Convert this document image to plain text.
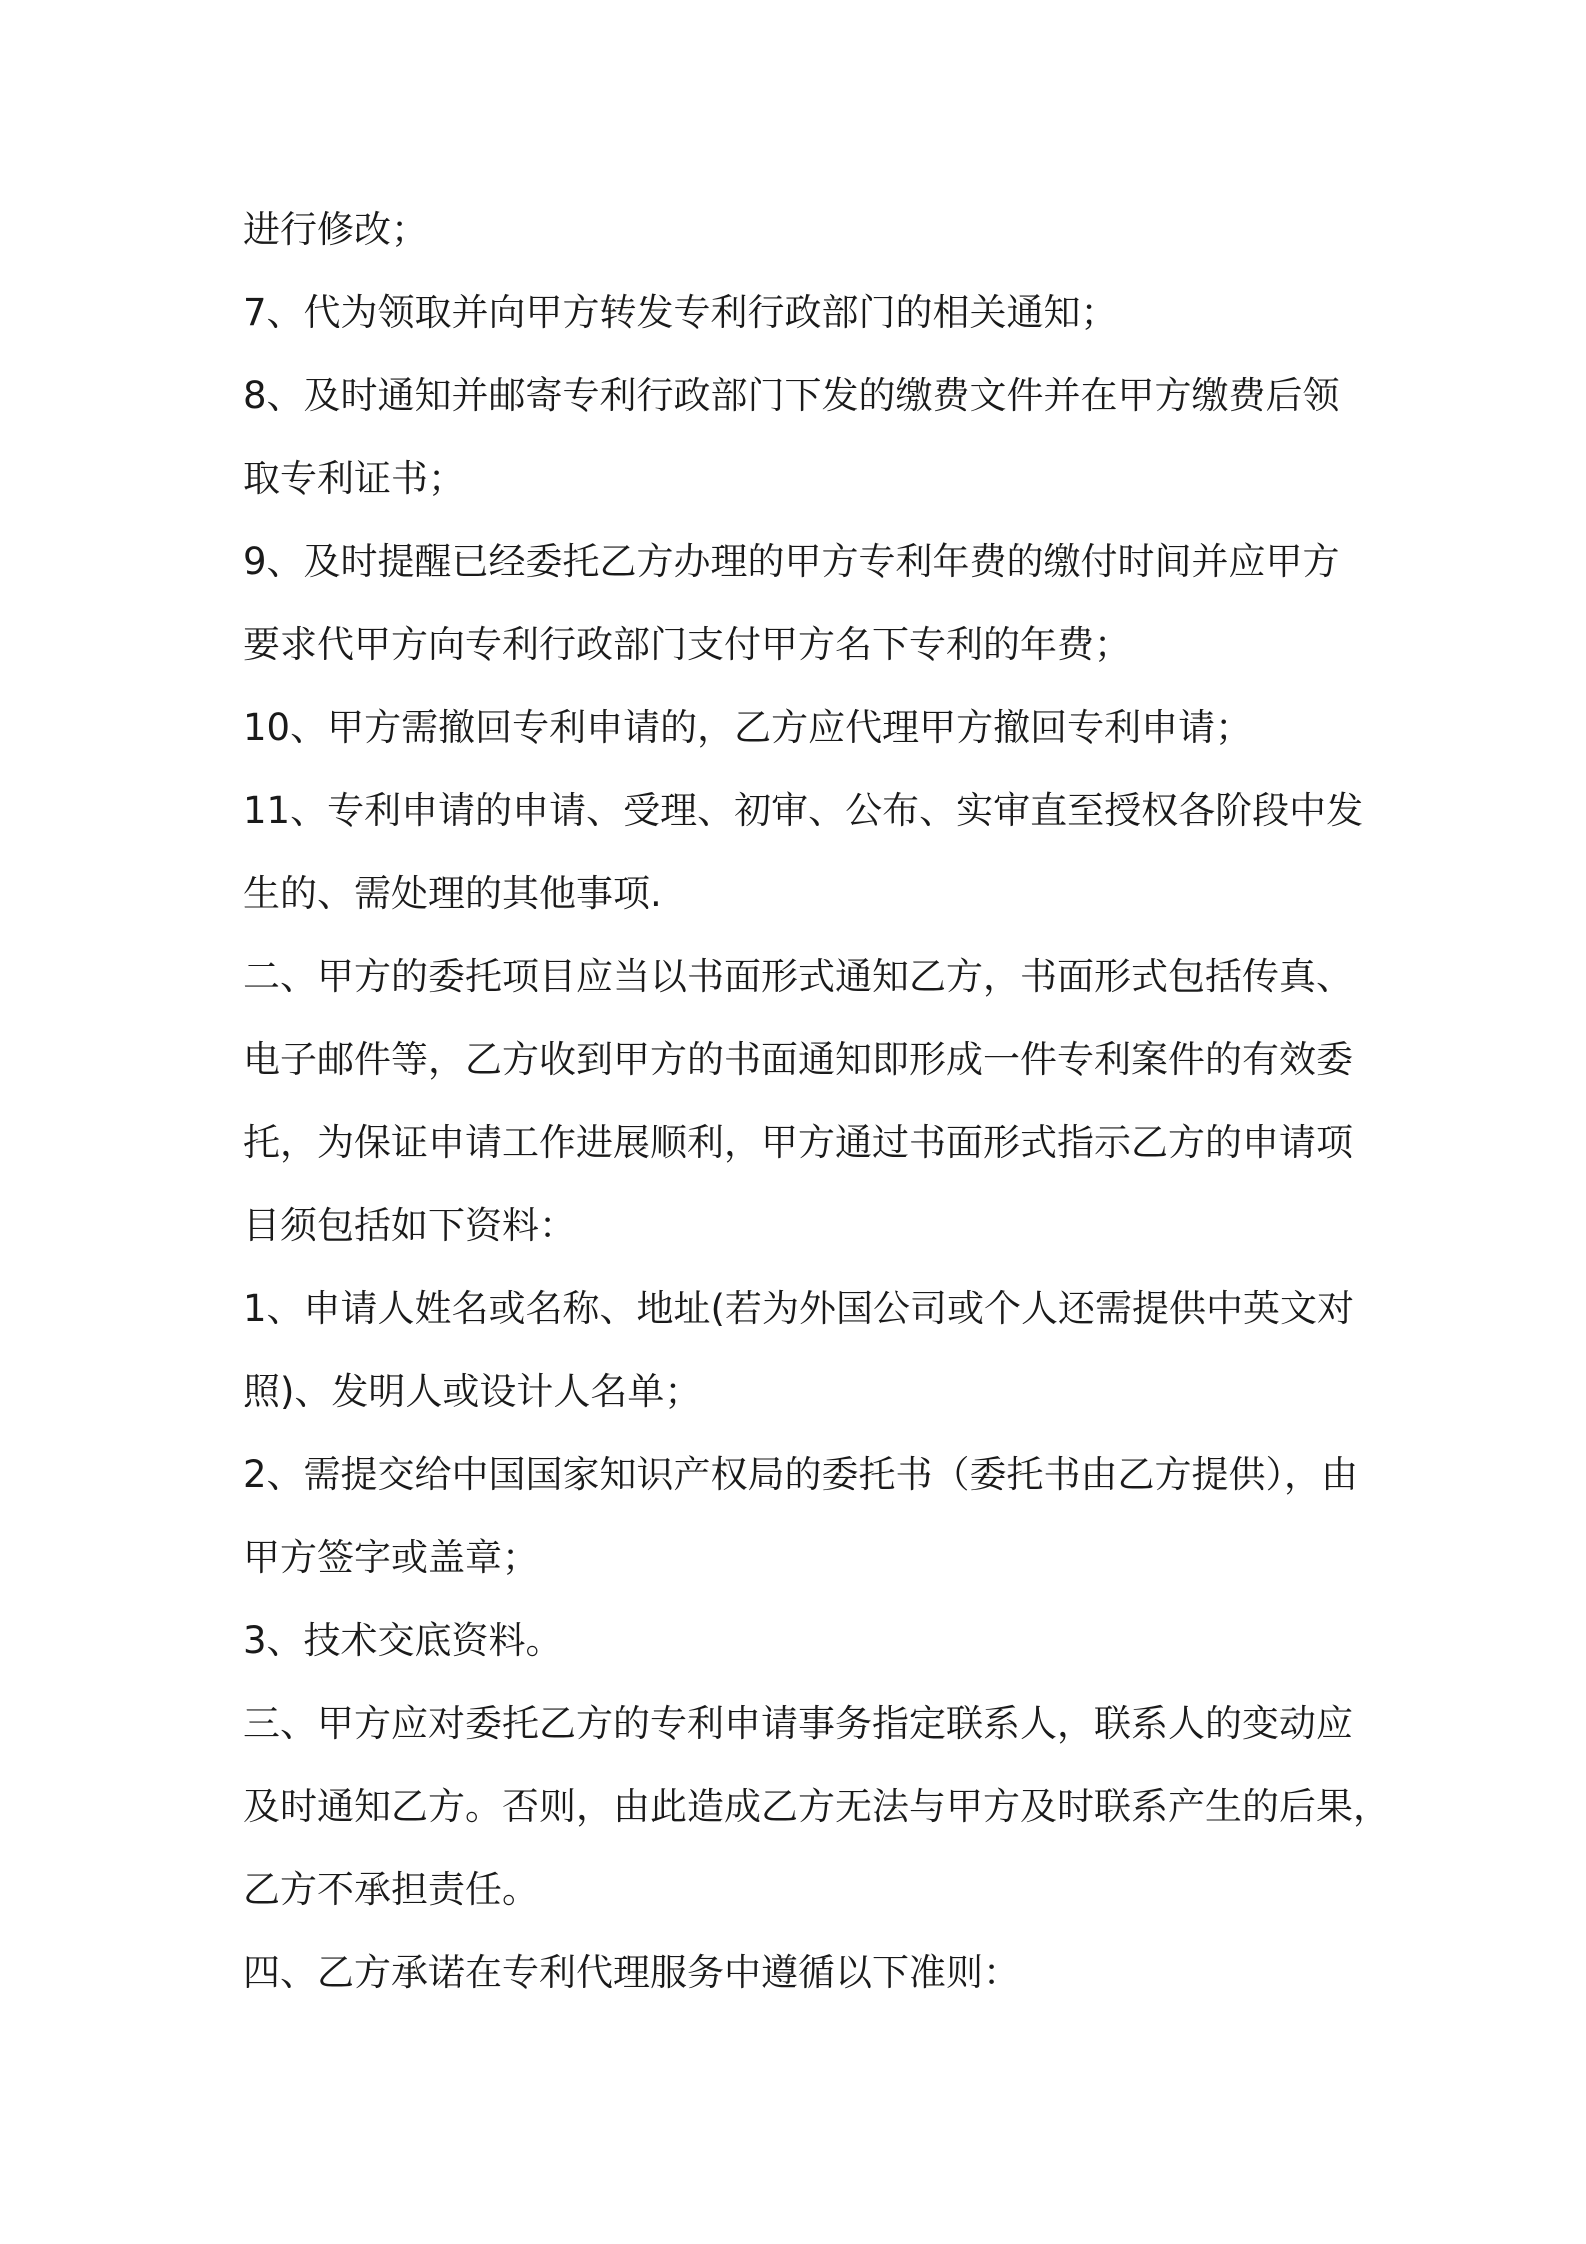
进行修改；
7、代为领取并向甲方转发专利行政部门的相关通知；
8、及时通知并邮寄专利行政部门下发的缴费文件并在甲方缴费后领
取专利证书；
9、及时提醒已经委托乙方办理的甲方专利年费的缴付时间并应甲方
要求代甲方向专利行政部门支付甲方名下专利的年费；
10、甲方需撤回专利申请的，乙方应代理甲方撤回专利申请；
11、专利申请的申请、受理、初审、公布、实审直至授权各阶段中发
生的、需处理的其他事项.
二、甲方的委托项目应当以书面形式通知乙方，书面形式包括传真、
电子邮件等，乙方收到甲方的书面通知即形成一件专利案件的有效委
托，为保证申请工作进展顺利，甲方通过书面形式指示乙方的申请项
目须包括如下资料：
1、申请人姓名或名称、地址(若为外国公司或个人还需提供中英文对
照)、发明人或设计人名单；
2、需提交给中国国家知识产权局的委托书（委托书由乙方提供），由
甲方签字或盖章；
3、技术交底资料。
三、甲方应对委托乙方的专利申请事务指定联系人，联系人的变动应
及时通知乙方。否则，由此造成乙方无法与甲方及时联系产生的后果，
乙方不承担责任。
四、乙方承诺在专利代理服务中遵循以下准则：
